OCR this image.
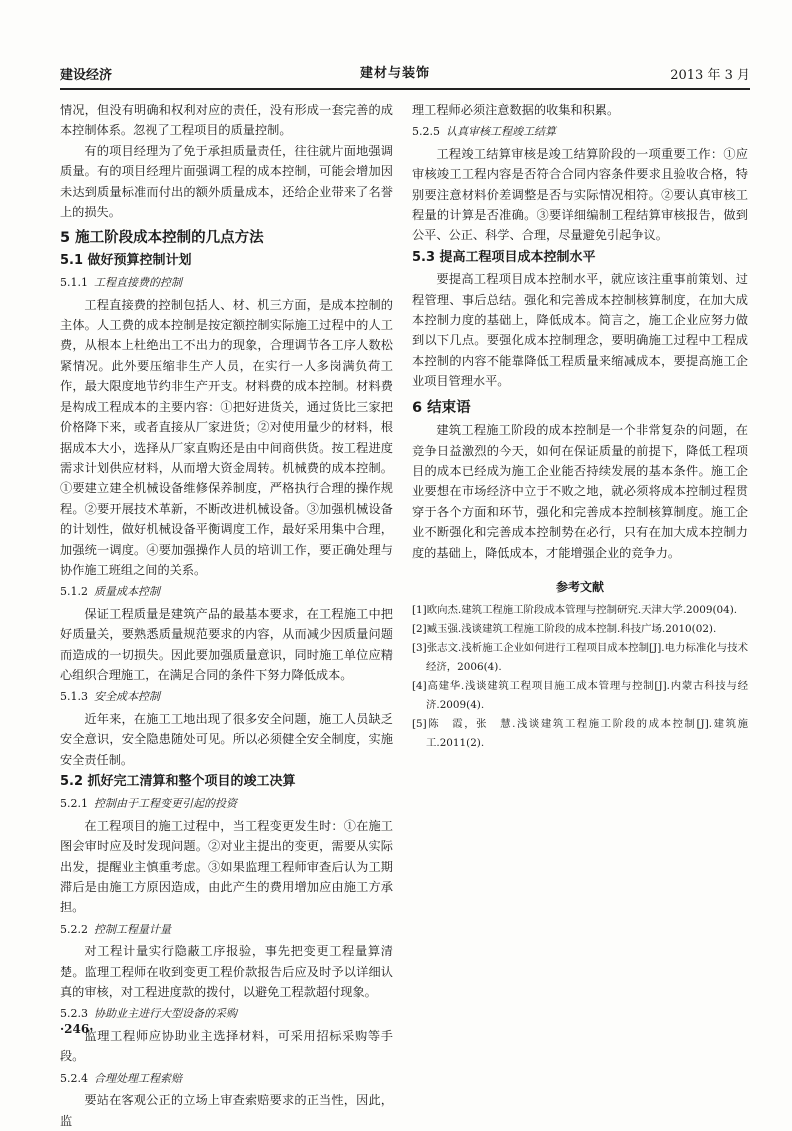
建设经济	建材与装饰	2013 年 3 月

情况，但没有明确和权利对应的责任，没有形成一套完善的成本控制体系。忽视了工程项目的质量控制。

有的项目经理为了免于承担质量责任，往往就片面地强调质量。有的项目经理片面强调工程的成本控制，可能会增加因未达到质量标准而付出的额外质量成本，还给企业带来了名誉上的损失。

5 施工阶段成本控制的几点方法
5.1 做好预算控制计划
5.1.1 工程直接费的控制

工程直接费的控制包括人、材、机三方面，是成本控制的主体。人工费的成本控制是按定额控制实际施工过程中的人工费，从根本上杜绝出工不出力的现象，合理调节各工序人数松紧情况。此外要压缩非生产人员，在实行一人多岗满负荷工作，最大限度地节约非生产开支。材料费的成本控制。材料费是构成工程成本的主要内容：①把好进货关，通过货比三家把价格降下来，或者直接从厂家进货；②对使用量少的材料，根据成本大小，选择从厂家直购还是由中间商供货。按工程进度需求计划供应材料，从而增大资金周转。机械费的成本控制。①要建立建全机械设备维修保养制度，严格执行合理的操作规程。②要开展技术革新，不断改进机械设备。③加强机械设备的计划性，做好机械设备平衡调度工作，最好采用集中合理，加强统一调度。④要加强操作人员的培训工作，要正确处理与协作施工班组之间的关系。

5.1.2 质量成本控制

保证工程质量是建筑产品的最基本要求，在工程施工中把好质量关，要熟悉质量规范要求的内容，从而减少因质量问题而造成的一切损失。因此要加强质量意识，同时施工单位应精心组织合理施工，在满足合同的条件下努力降低成本。

5.1.3 安全成本控制

近年来，在施工工地出现了很多安全问题，施工人员缺乏安全意识，安全隐患随处可见。所以必须健全安全制度，实施安全责任制。

5.2 抓好完工清算和整个项目的竣工决算
5.2.1 控制由于工程变更引起的投资

在工程项目的施工过程中，当工程变更发生时：①在施工图会审时应及时发现问题。②对业主提出的变更，需要从实际出发，提醒业主慎重考虑。③如果监理工程师审查后认为工期滞后是由施工方原因造成，由此产生的费用增加应由施工方承担。

5.2.2 控制工程量计量

对工程计量实行隐蔽工序报验，事先把变更工程量算清楚。监理工程师在收到变更工程价款报告后应及时予以详细认真的审核，对工程进度款的拨付，以避免工程款超付现象。

5.2.3 协助业主进行大型设备的采购

监理工程师应协助业主选择材料，可采用招标采购等手段。

5.2.4 合理处理工程索赔

要站在客观公正的立场上审查索赔要求的正当性，因此，监

理工程师必须注意数据的收集和积累。

5.2.5 认真审核工程竣工结算

工程竣工结算审核是竣工结算阶段的一项重要工作：①应审核竣工工程内容是否符合合同内容条件要求且验收合格，特别要注意材料价差调整是否与实际情况相符。②要认真审核工程量的计算是否准确。③要详细编制工程结算审核报告，做到公平、公正、科学、合理，尽量避免引起争议。

5.3 提高工程项目成本控制水平

要提高工程项目成本控制水平，就应该注重事前策划、过程管理、事后总结。强化和完善成本控制核算制度，在加大成本控制力度的基础上，降低成本。简言之，施工企业应努力做到以下几点。要强化成本控制理念，要明确施工过程中工程成本控制的内容不能靠降低工程质量来缩减成本，要提高施工企业项目管理水平。

6 结束语

建筑工程施工阶段的成本控制是一个非常复杂的问题，在竞争日益激烈的今天，如何在保证质量的前提下，降低工程项目的成本已经成为施工企业能否持续发展的基本条件。施工企业要想在市场经济中立于不败之地，就必须将成本控制过程贯穿于各个方面和环节，强化和完善成本控制核算制度。施工企业不断强化和完善成本控制势在必行，只有在加大成本控制力度的基础上，降低成本，才能增强企业的竞争力。

参考文献
[1]欧向杰.建筑工程施工阶段成本管理与控制研究.天津大学.2009(04).
[2]臧玉强.浅谈建筑工程施工阶段的成本控制.科技广场.2010(02).
[3]张志文.浅析施工企业如何进行工程项目成本控制[J].电力标准化与技术经济，2006(4).
[4]高建华.浅谈建筑工程项目施工成本管理与控制[J].内蒙古科技与经济.2009(4).
[5]陈　霞，张　慧.浅谈建筑工程施工阶段的成本控制[J].建筑施工.2011(2).
·246·
